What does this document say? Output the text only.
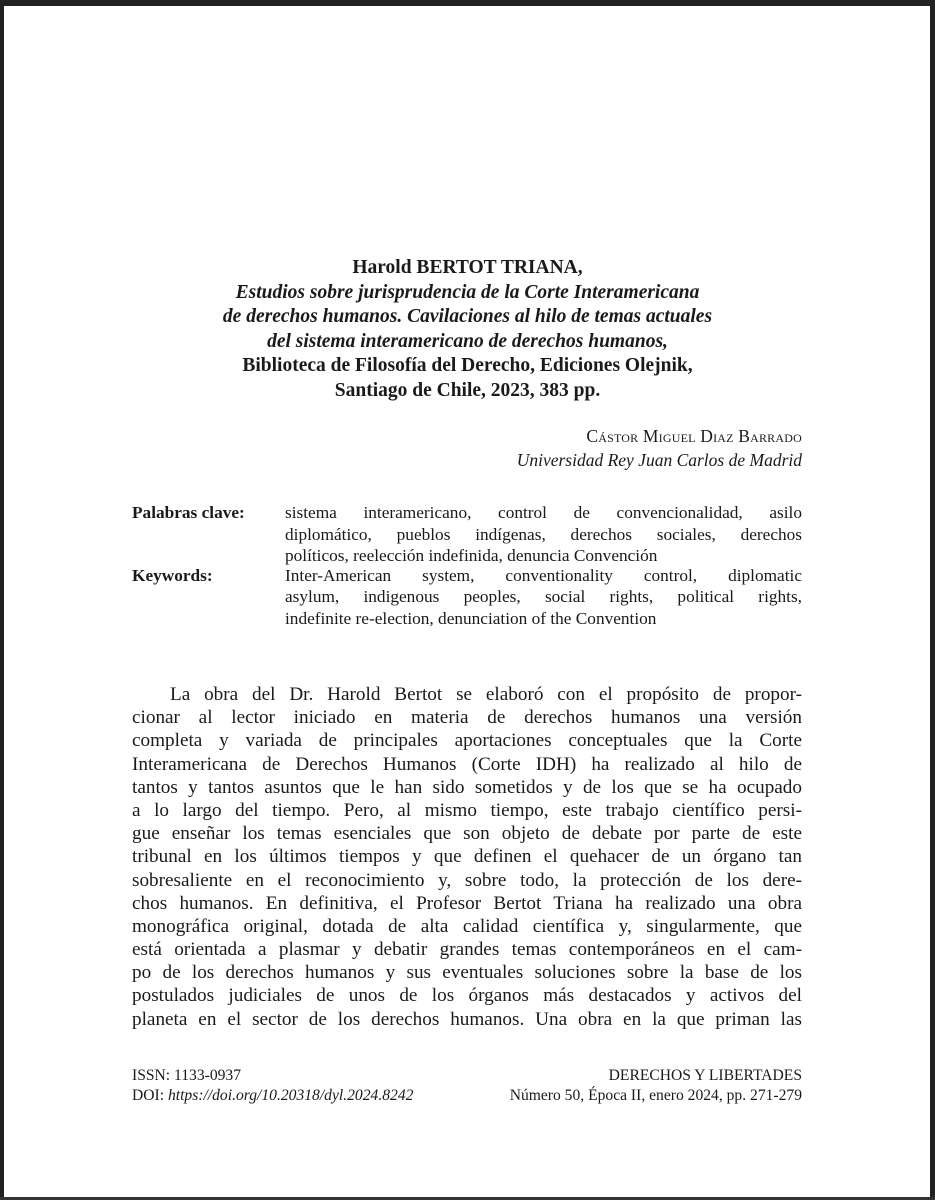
Harold BERTOT TRIANA,
Estudios sobre jurisprudencia de la Corte Interamericana
de derechos humanos. Cavilaciones al hilo de temas actuales
del sistema interamericano de derechos humanos,
Biblioteca de Filosofía del Derecho, Ediciones Olejnik,
Santiago de Chile, 2023, 383 pp.
Cástor Miguel Diaz Barrado
Universidad Rey Juan Carlos de Madrid
Palabras clave: sistema interamericano, control de convencionalidad, asilo
diplomático, pueblos indígenas, derechos sociales, derechos
políticos, reelección indefinida, denuncia Convención
Keywords:	Inter-American system, conventionality control, diplomatic
asylum, indigenous peoples, social rights, political rights,
indefinite re-election, denunciation of the Convention
La obra del Dr. Harold Bertot se elaboró con el propósito de propor-
cionar al lector iniciado en materia de derechos humanos una versión
completa y variada de principales aportaciones conceptuales que la Corte
Interamericana de Derechos Humanos (Corte IDH) ha realizado al hilo de
tantos y tantos asuntos que le han sido sometidos y de los que se ha ocupado
a lo largo del tiempo. Pero, al mismo tiempo, este trabajo científico persi-
gue enseñar los temas esenciales que son objeto de debate por parte de este
tribunal en los últimos tiempos y que definen el quehacer de un órgano tan
sobresaliente en el reconocimiento y, sobre todo, la protección de los dere-
chos humanos. En definitiva, el Profesor Bertot Triana ha realizado una obra
monográfica original, dotada de alta calidad científica y, singularmente, que
está orientada a plasmar y debatir grandes temas contemporáneos en el cam-
po de los derechos humanos y sus eventuales soluciones sobre la base de los
postulados judiciales de unos de los órganos más destacados y activos del
planeta en el sector de los derechos humanos. Una obra en la que priman las
ISSN: 1133-0937
DOI: https://doi.org/10.20318/dyl.2024.8242
DERECHOS Y LIBERTADES
Número 50, Época II, enero 2024, pp. 271-279
